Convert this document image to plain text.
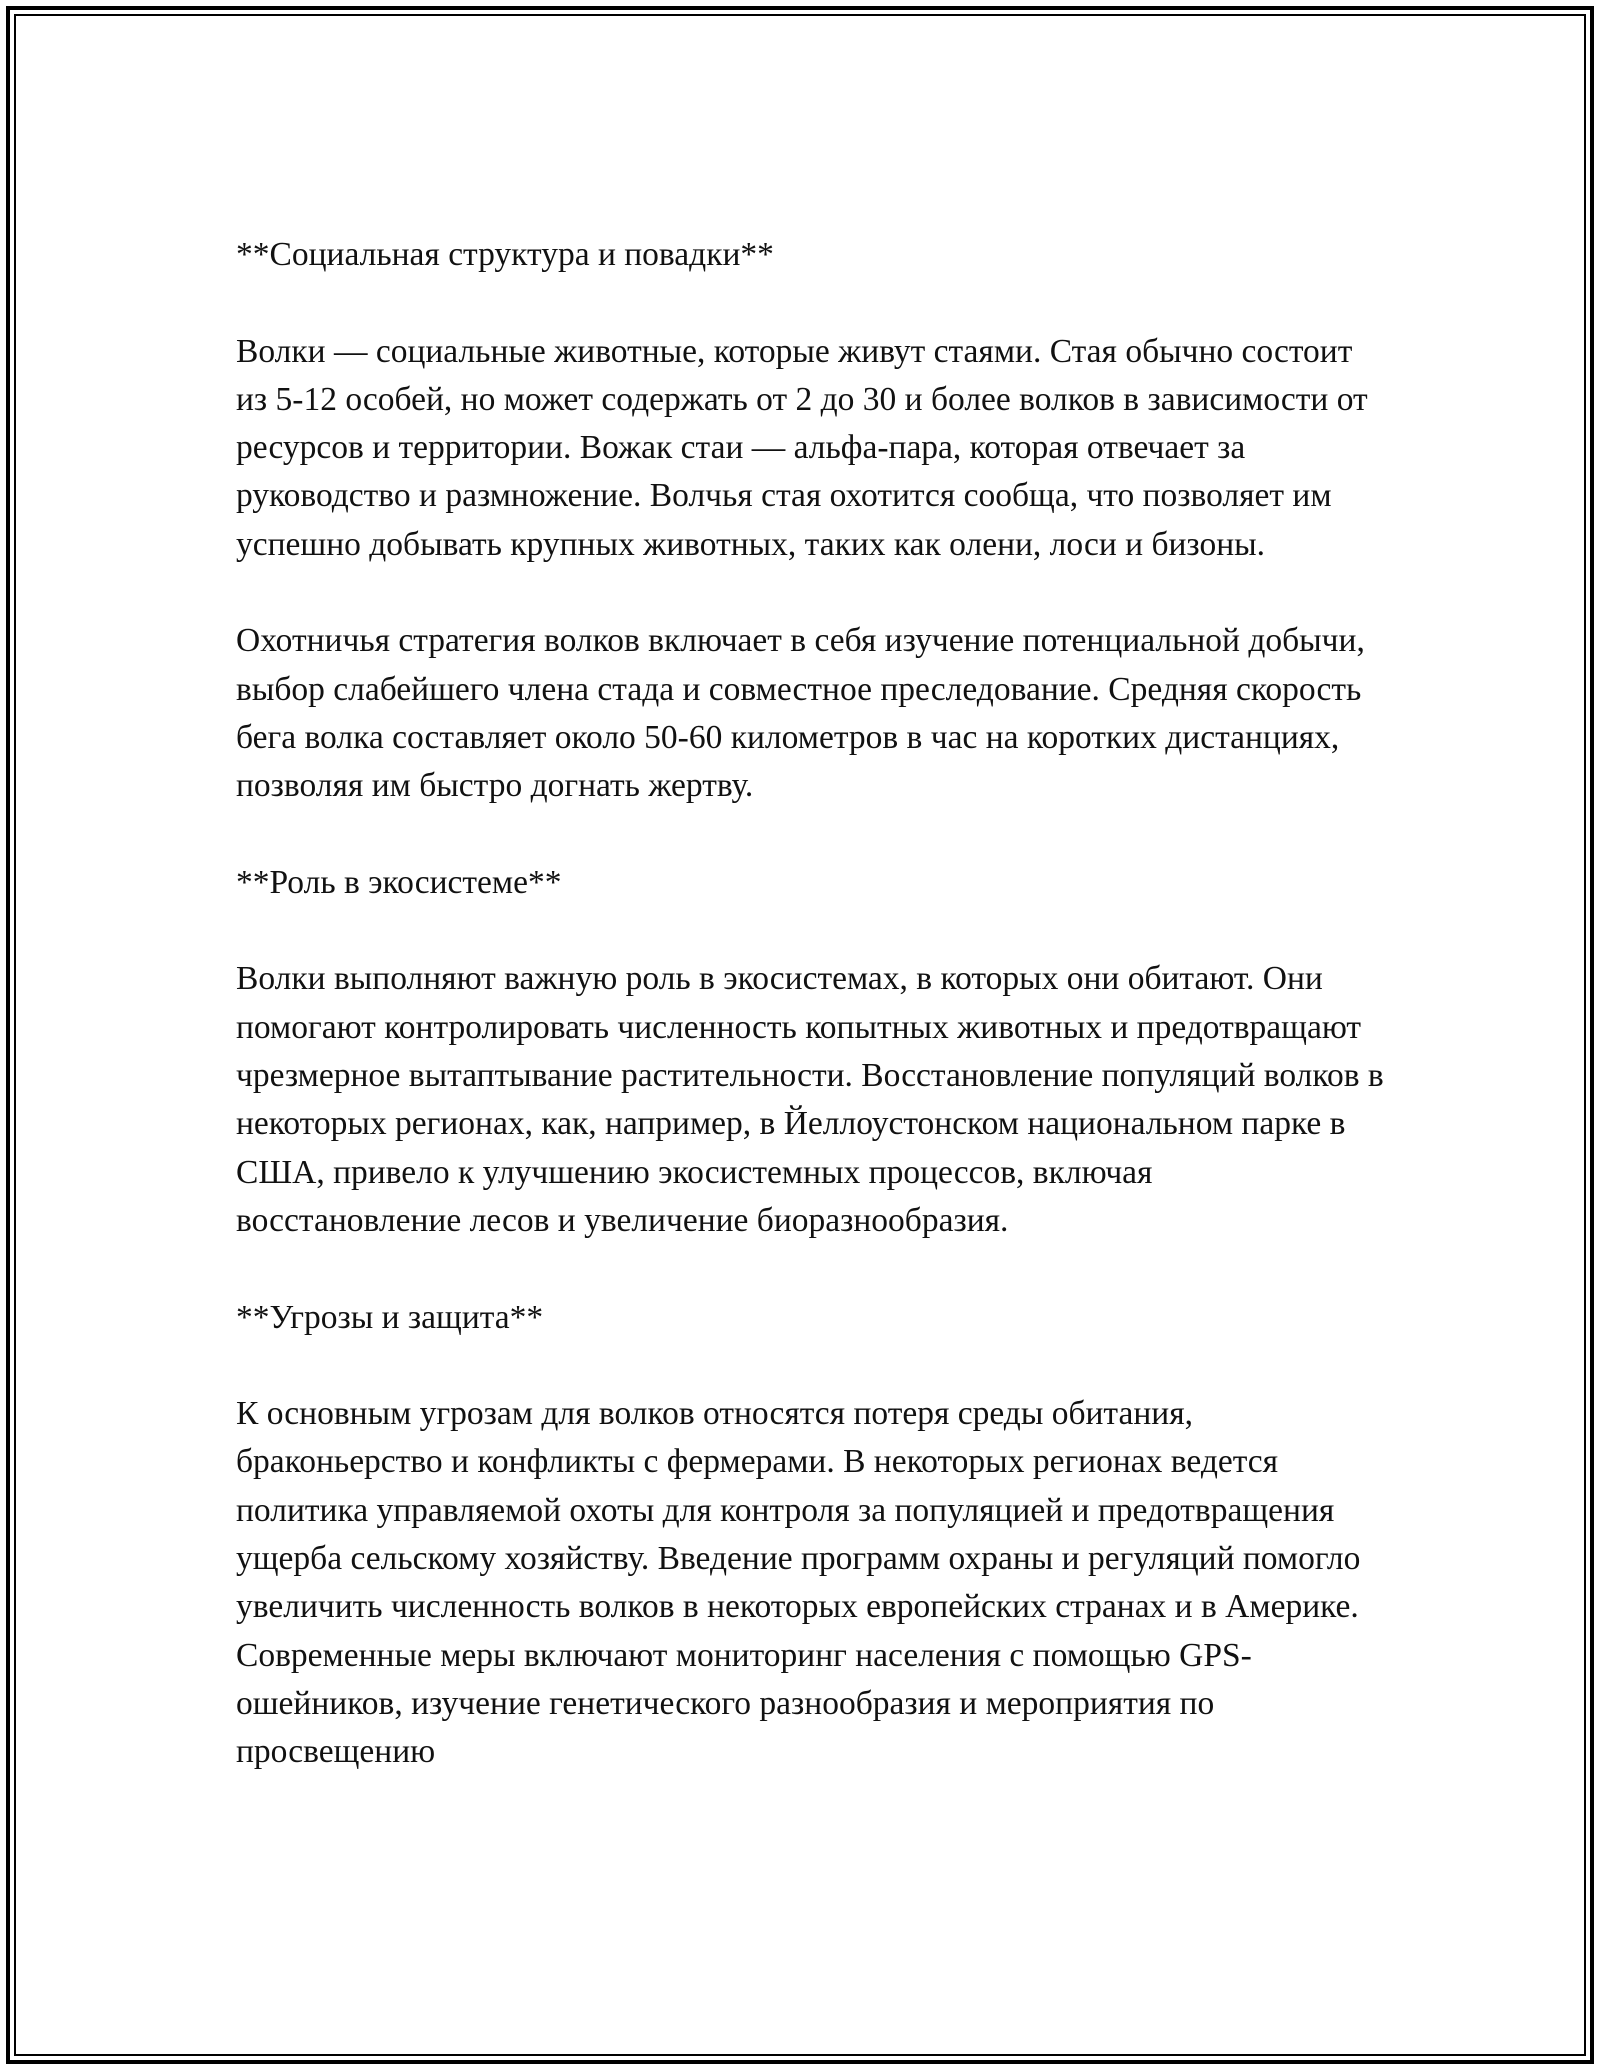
**Социальная структура и повадки**

Волки — социальные животные, которые живут стаями. Стая обычно состоит из 5-12 особей, но может содержать от 2 до 30 и более волков в зависимости от ресурсов и территории. Вожак стаи — альфа-пара, которая отвечает за руководство и размножение. Волчья стая охотится сообща, что позволяет им успешно добывать крупных животных, таких как олени, лоси и бизоны.

Охотничья стратегия волков включает в себя изучение потенциальной добычи, выбор слабейшего члена стада и совместное преследование. Средняя скорость бега волка составляет около 50-60 километров в час на коротких дистанциях, позволяя им быстро догнать жертву.

**Роль в экосистеме**

Волки выполняют важную роль в экосистемах, в которых они обитают. Они помогают контролировать численность копытных животных и предотвращают чрезмерное вытаптывание растительности. Восстановление популяций волков в некоторых регионах, как, например, в Йеллоустонском национальном парке в США, привело к улучшению экосистемных процессов, включая восстановление лесов и увеличение биоразнообразия.

**Угрозы и защита**

К основным угрозам для волков относятся потеря среды обитания, браконьерство и конфликты с фермерами. В некоторых регионах ведется политика управляемой охоты для контроля за популяцией и предотвращения ущерба сельскому хозяйству. Введение программ охраны и регуляций помогло увеличить численность волков в некоторых европейских странах и в Америке. Современные меры включают мониторинг населения с помощью GPS-ошейников, изучение генетического разнообразия и мероприятия по просвещению
